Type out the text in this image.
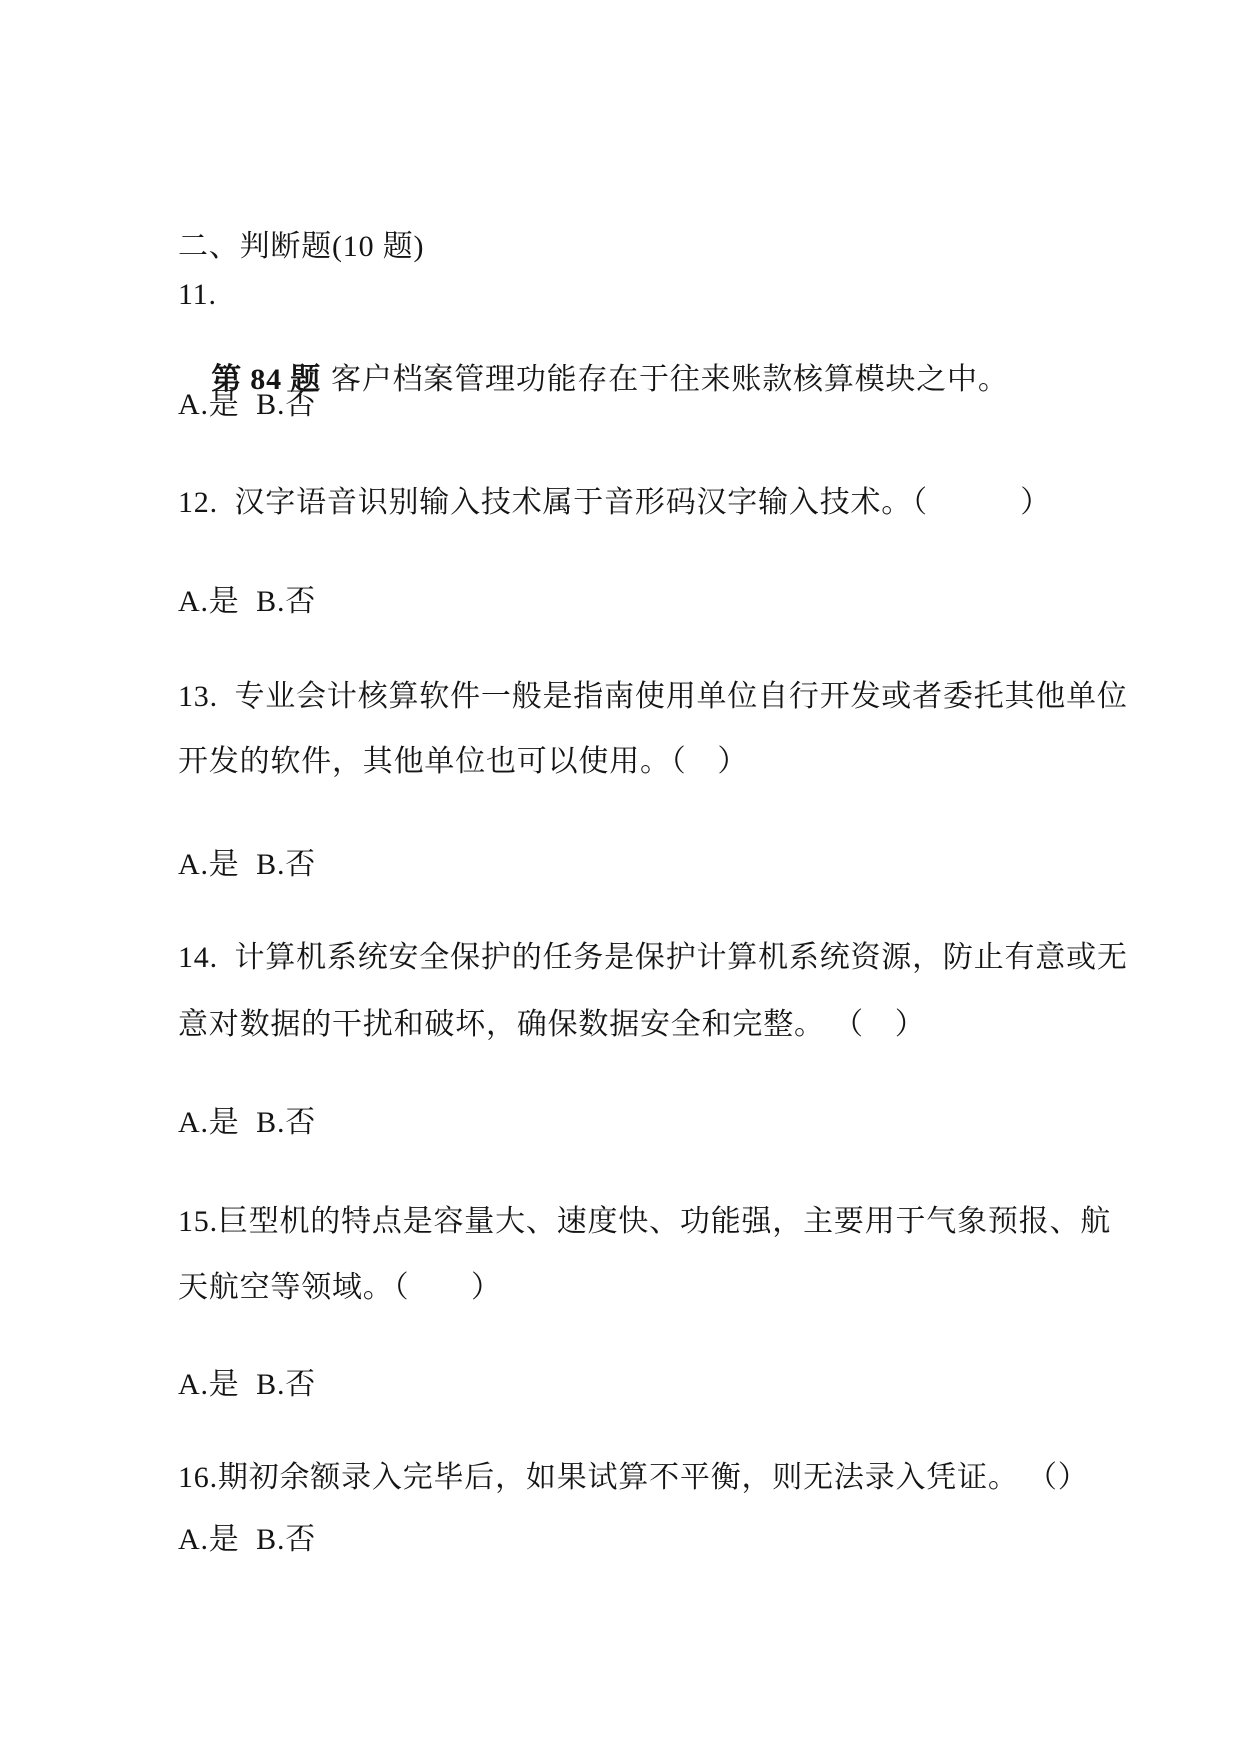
二、判断题(10 题)
11.

第 84 题 客户档案管理功能存在于往来账款核算模块之中。

A.是  B.否
12.  汉字语音识别输入技术属于音形码汉字输入技术。（　　　）
A.是  B.否
13.  专业会计核算软件一般是指南使用单位自行开发或者委托其他单位
开发的软件，其他单位也可以使用。（　）
A.是  B.否
14.  计算机系统安全保护的任务是保护计算机系统资源，防止有意或无
意对数据的干扰和破坏，确保数据安全和完整。 （　）
A.是  B.否
15.巨型机的特点是容量大、速度快、功能强，主要用于气象预报、航
天航空等领域。（　　）
A.是  B.否
16.期初余额录入完毕后，如果试算不平衡，则无法录入凭证。 （）
A.是  B.否
